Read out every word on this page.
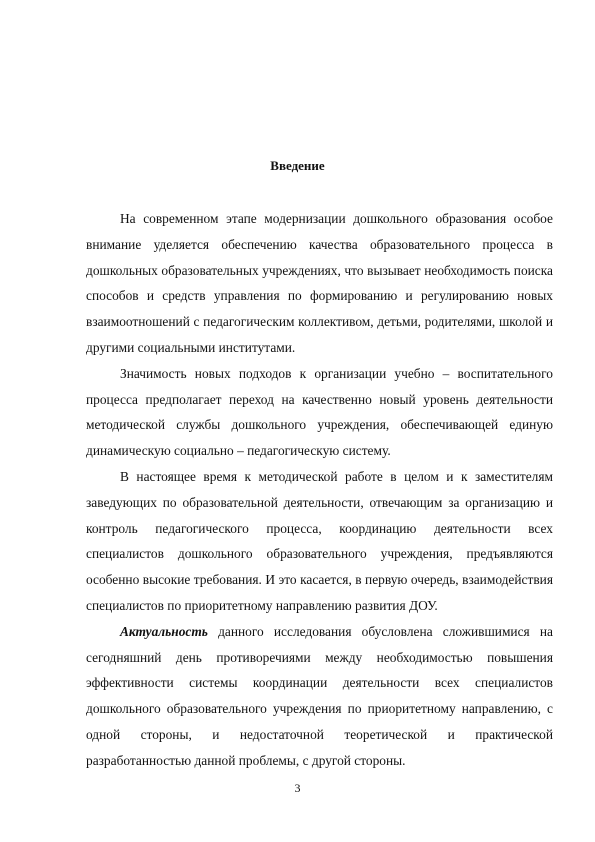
Введение

На современном этапе модернизации дошкольного образования особое внимание уделяется обеспечению качества образовательного процесса в дошкольных образовательных учреждениях, что вызывает необходимость поиска способов и средств управления по формированию и регулированию новых взаимоотношений с педагогическим коллективом, детьми, родителями, школой и другими социальными институтами.

Значимость новых подходов к организации учебно – воспитательного процесса предполагает переход на качественно новый уровень деятельности методической службы дошкольного учреждения, обеспечивающей единую динамическую социально – педагогическую систему.

В настоящее время к методической работе в целом и к заместителям заведующих по образовательной деятельности, отвечающим за организацию и контроль педагогического процесса, координацию деятельности всех специалистов дошкольного образовательного учреждения, предъявляются особенно высокие требования. И это касается, в первую очередь, взаимодействия специалистов по приоритетному направлению развития ДОУ.

Актуальность данного исследования обусловлена сложившимися на сегодняшний день противоречиями между необходимостью повышения эффективности системы координации деятельности всех специалистов дошкольного образовательного учреждения по приоритетному направлению, с одной стороны, и недостаточной теоретической и практической разработанностью данной проблемы, с другой стороны.

3
